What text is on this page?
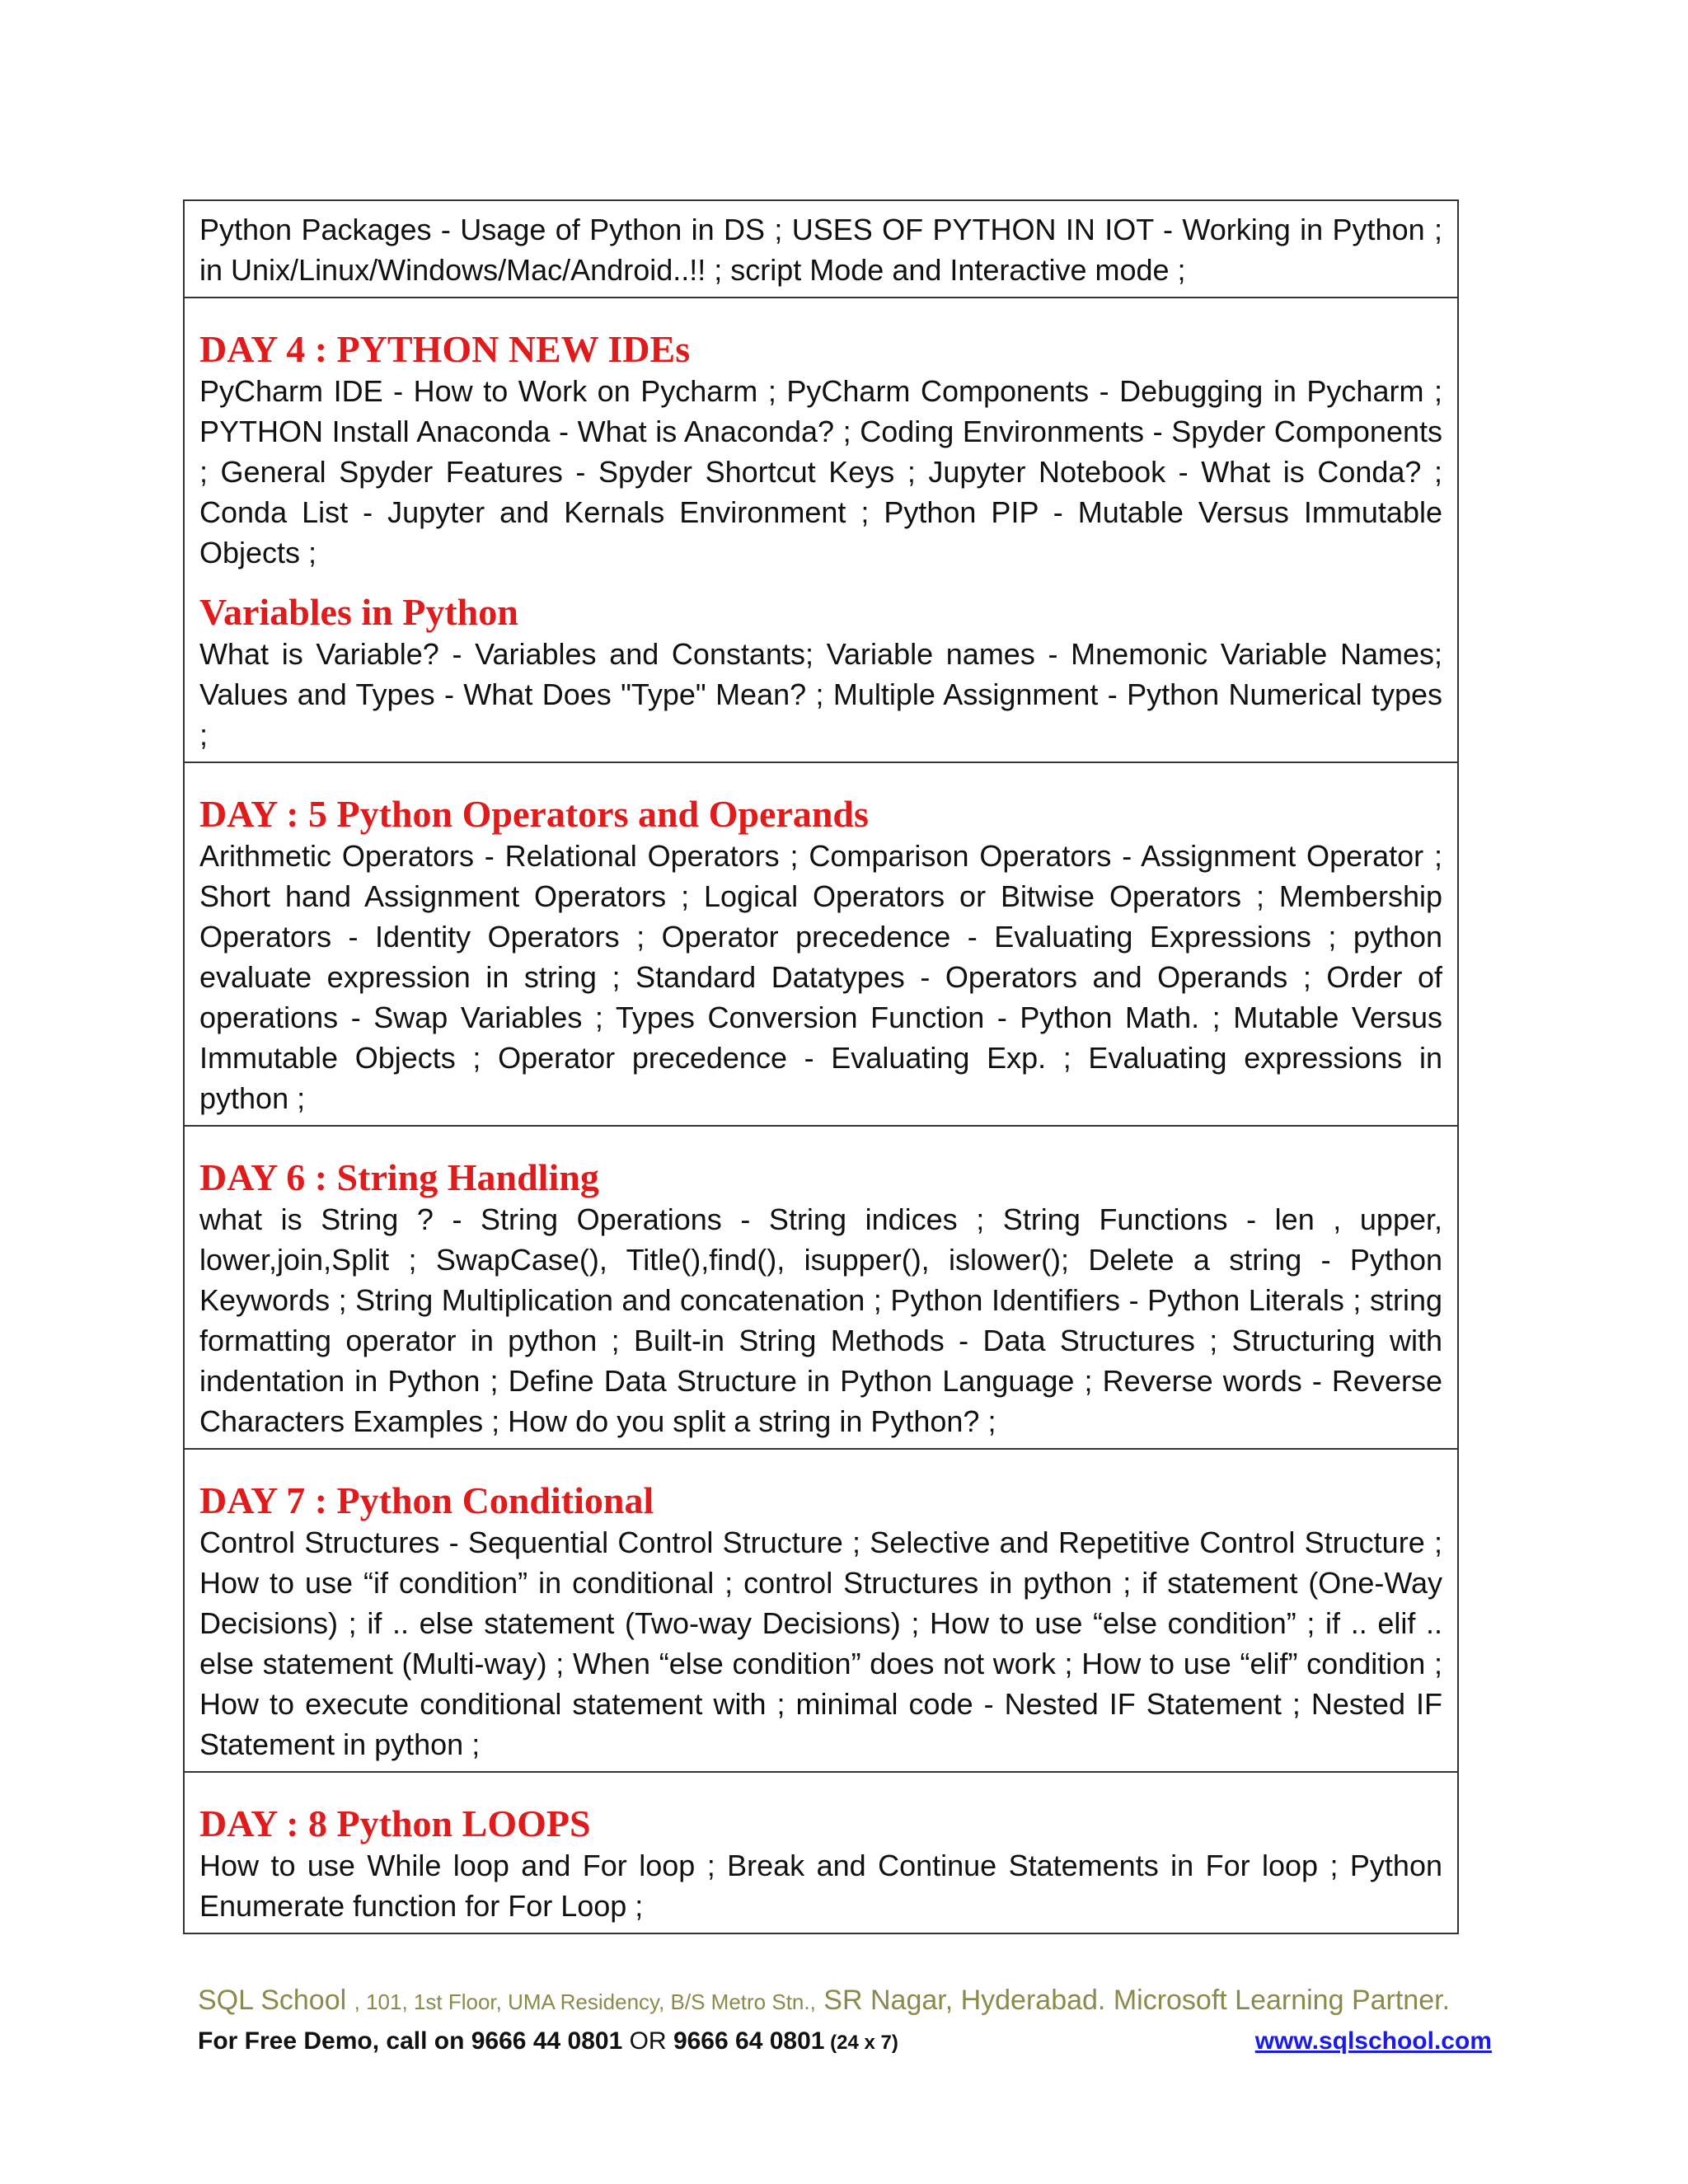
Python Packages - Usage of Python in DS ; USES OF PYTHON IN IOT - Working in Python ; in Unix/Linux/Windows/Mac/Android..!! ; script Mode and Interactive mode ;

DAY 4 : PYTHON NEW IDEs

PyCharm IDE - How to Work on Pycharm ; PyCharm Components - Debugging in Pycharm ; PYTHON Install Anaconda - What is Anaconda? ; Coding Environments - Spyder Components ; General Spyder Features - Spyder Shortcut Keys ; Jupyter Notebook - What is Conda? ; Conda List - Jupyter and Kernals Environment ; Python PIP - Mutable Versus Immutable Objects ;

Variables in Python

What is Variable? - Variables and Constants; Variable names - Mnemonic Variable Names; Values and Types - What Does "Type" Mean? ; Multiple Assignment - Python Numerical types ;

DAY : 5 Python Operators and Operands

Arithmetic Operators - Relational Operators ; Comparison Operators - Assignment Operator ; Short hand Assignment Operators ; Logical Operators or Bitwise Operators ; Membership Operators - Identity Operators ; Operator precedence - Evaluating Expressions ; python evaluate expression in string ; Standard Datatypes - Operators and Operands ; Order of operations - Swap Variables ; Types Conversion Function - Python Math. ; Mutable Versus Immutable Objects ; Operator precedence - Evaluating Exp. ; Evaluating expressions in python ;

DAY 6 : String Handling

what is String ? - String Operations - String indices ; String Functions - len , upper, lower,join,Split ; SwapCase(), Title(),find(), isupper(), islower(); Delete a string - Python Keywords ; String Multiplication and concatenation ; Python Identifiers - Python Literals ; string formatting operator in python ; Built-in String Methods - Data Structures ; Structuring with indentation in Python ; Define Data Structure in Python Language ; Reverse words - Reverse Characters Examples ; How do you split a string in Python? ;

DAY 7 : Python Conditional

Control Structures - Sequential Control Structure ; Selective and Repetitive Control Structure ; How to use “if condition” in conditional ; control Structures in python ; if statement (One-Way Decisions) ; if .. else statement (Two-way Decisions) ; How to use “else condition” ; if .. elif .. else statement (Multi-way) ; When “else condition” does not work ; How to use “elif” condition ; How to execute conditional statement with ; minimal code - Nested IF Statement ; Nested IF Statement in python ;

DAY : 8 Python LOOPS

How to use While loop and For loop ; Break and Continue Statements in For loop ; Python Enumerate function for For Loop ;

SQL School , 101, 1st Floor, UMA Residency, B/S Metro Stn., SR Nagar, Hyderabad. Microsoft Learning Partner.
For Free Demo, call on 9666 44 0801 OR 9666 64 0801 (24 x 7)	www.sqlschool.com
